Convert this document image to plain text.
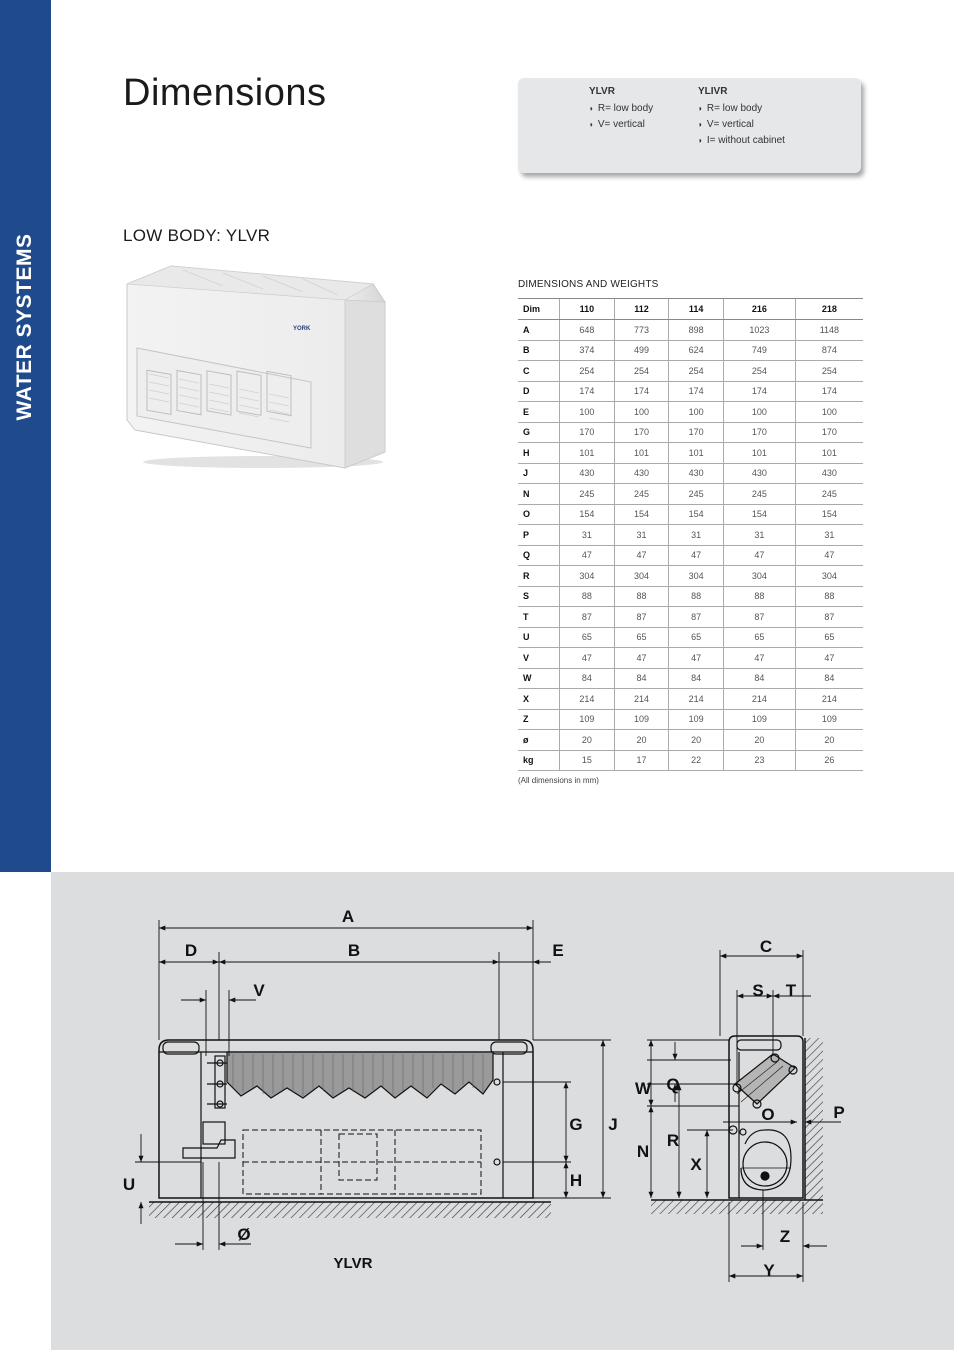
WATER SYSTEMS
Dimensions	YLVR
◗ R= low body
◗ V= vertical
YLIVR
◗ R= low body
◗ V= vertical
◗ I= without cabinet
LOW BODY: YLVR
YORK
DIMENSIONS AND WEIGHTS
Dim	110	112	114	216	218
A	648	773	898	1023	1148
B	374	499	624	749	874
C	254	254	254	254	254
D	174	174	174	174	174
E	100	100	100	100	100
G	170	170	170	170	170
H	101	101	101	101	101
J	430	430	430	430	430
N	245	245	245	245	245
O	154	154	154	154	154
P	31	31	31	31	31
Q	47	47	47	47	47
R	304	304	304	304	304
S	88	88	88	88	88
T	87	87	87	87	87
U	65	65	65	65	65
V	47	47	47	47	47
W	84	84	84	84	84
X	214	214	214	214	214
Z	109	109	109	109	109
ø	20	20	20	20	20
kg	15	17	22	23	26
(All dimensions in mm)
A
D	B	E
V
G J
H
U
Ø
YLVR
C
S T
W Q
O	P
R
N
X
Z
Y
